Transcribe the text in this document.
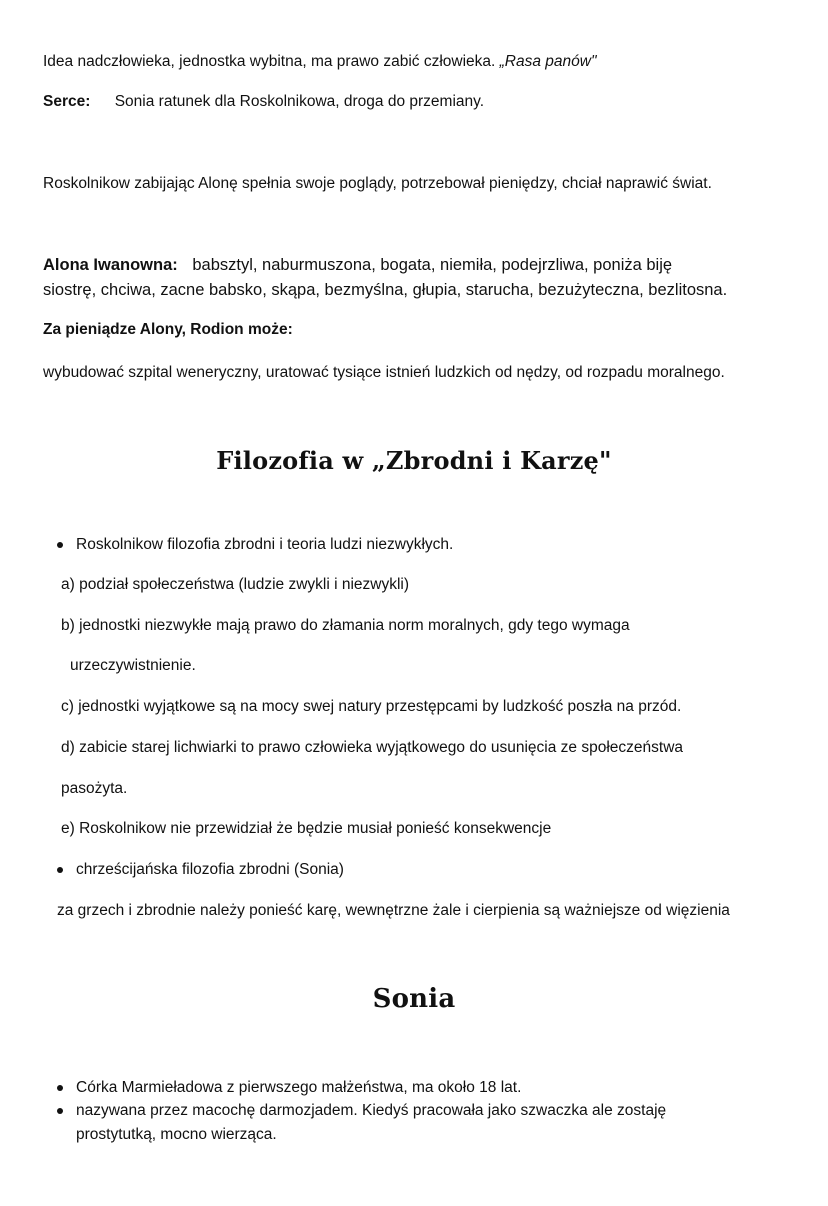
Idea nadczłowieka, jednostka wybitna, ma prawo zabić człowieka. „Rasa panów"
Serce: Sonia ratunek dla Roskolnikowa, droga do przemiany.
Roskolnikow zabijając Alonę spełnia swoje poglądy, potrzebował pieniędzy, chciał naprawić świat.
Alona Iwanowna: babsztyl, naburmuszona, bogata, niemiła, podejrzliwa, poniża biję
siostrę, chciwa, zacne babsko, skąpa, bezmyślna, głupia, starucha, bezużyteczna, bezlitosna.
Za pieniądze Alony, Rodion może:
wybudować szpital weneryczny, uratować tysiące istnień ludzkich od nędzy, od rozpadu moralnego.
Filozofia w „Zbrodni i Karzę"
Roskolnikow filozofia zbrodni i teoria ludzi niezwykłych.
a) podział społeczeństwa (ludzie zwykli i niezwykli)
b) jednostki niezwykłe mają prawo do złamania norm moralnych, gdy tego wymaga
urzeczywistnienie.
c) jednostki wyjątkowe są na mocy swej natury przestępcami by ludzkość poszła na przód.
d) zabicie starej lichwiarki to prawo człowieka wyjątkowego do usunięcia ze społeczeństwa
pasożyta.
e) Roskolnikow nie przewidział że będzie musiał ponieść konsekwencje
chrześcijańska filozofia zbrodni (Sonia)
za grzech i zbrodnie należy ponieść karę, wewnętrzne żale i cierpienia są ważniejsze od więzienia
Sonia
Córka Marmieładowa z pierwszego małżeństwa, ma około 18 lat.
nazywana przez macochę darmozjadem. Kiedyś pracowała jako szwaczka ale zostaję
prostytutką, mocno wierząca.
